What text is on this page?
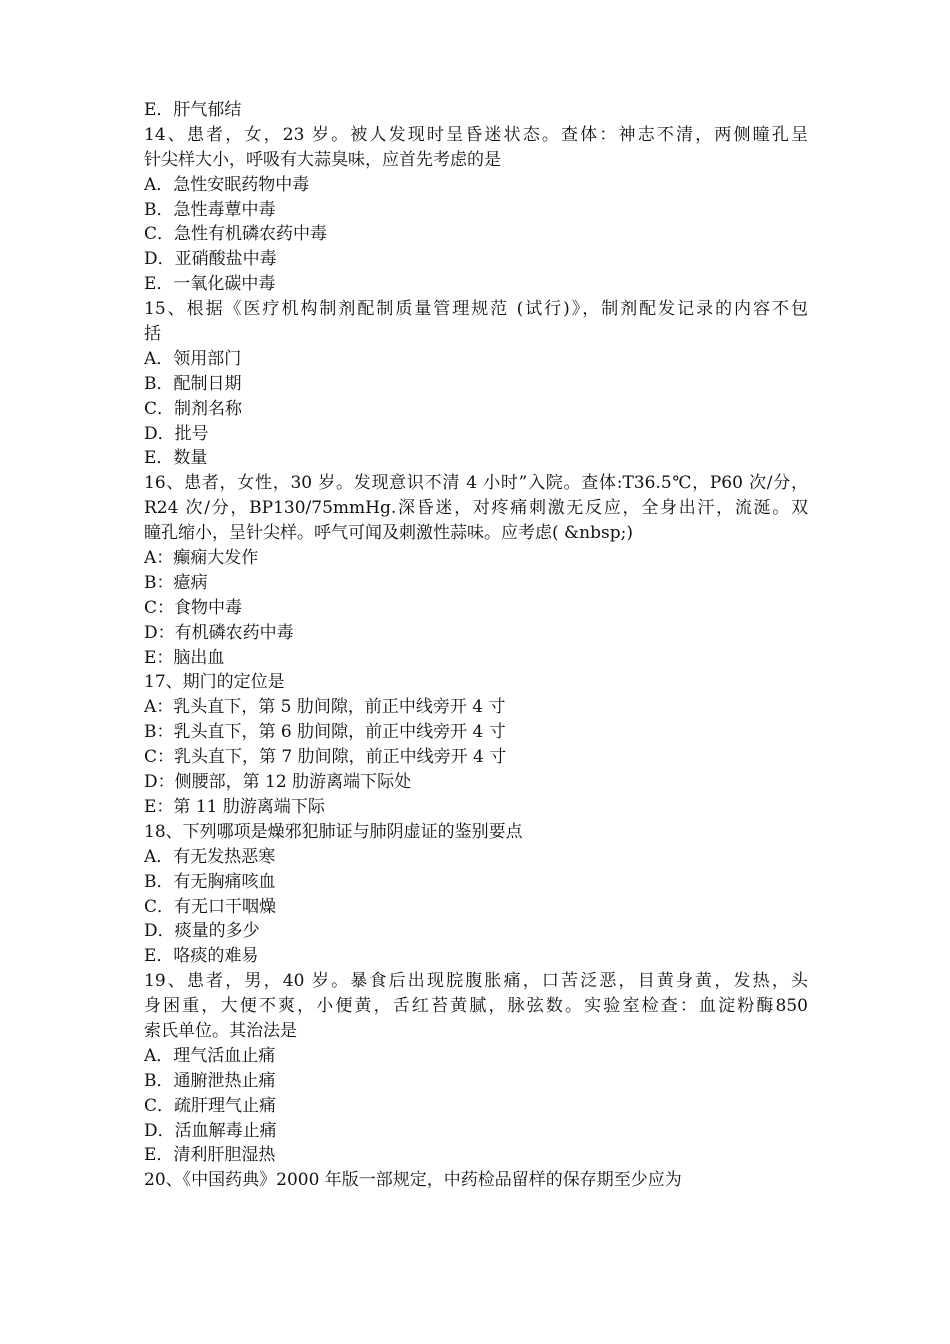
E．肝气郁结
14、患者，女，23 岁。被人发现时呈昏迷状态。查体：神志不清，两侧瞳孔呈
针尖样大小，呼吸有大蒜臭味，应首先考虑的是
A．急性安眠药物中毒
B．急性毒蕈中毒
C．急性有机磷农药中毒
D．亚硝酸盐中毒
E．一氧化碳中毒
15、根据《医疗机构制剂配制质量管理规范 (试行)》，制剂配发记录的内容不包
括
A．领用部门
B．配制日期
C．制剂名称
D．批号
E．数量
16、患者，女性，30 岁。发现意识不清 4 小时”入院。查体:T36.5℃，P60 次/分，
R24 次/分，BP130/75mmHg.深昏迷，对疼痛刺激无反应，全身出汗，流涎。双
瞳孔缩小，呈针尖样。呼气可闻及刺激性蒜味。应考虑( &nbsp;)
A：癫痫大发作
B：癔病
C：食物中毒
D：有机磷农药中毒
E：脑出血
17、期门的定位是
A：乳头直下，第 5 肋间隙，前正中线旁开 4 寸
B：乳头直下，第 6 肋间隙，前正中线旁开 4 寸
C：乳头直下，第 7 肋间隙，前正中线旁开 4 寸
D：侧腰部，第 12 肋游离端下际处
E：第 11 肋游离端下际
18、下列哪项是燥邪犯肺证与肺阴虚证的鉴别要点
A．有无发热恶寒
B．有无胸痛咳血
C．有无口干咽燥
D．痰量的多少
E．咯痰的难易
19、患者，男，40 岁。暴食后出现脘腹胀痛，口苦泛恶，目黄身黄，发热，头
身困重，大便不爽，小便黄，舌红苔黄腻，脉弦数。实验室检查：血淀粉酶850
索氏单位。其治法是
A．理气活血止痛
B．通腑泄热止痛
C．疏肝理气止痛
D．活血解毒止痛
E．清利肝胆湿热
20、《中国药典》2000 年版一部规定，中药检品留样的保存期至少应为
